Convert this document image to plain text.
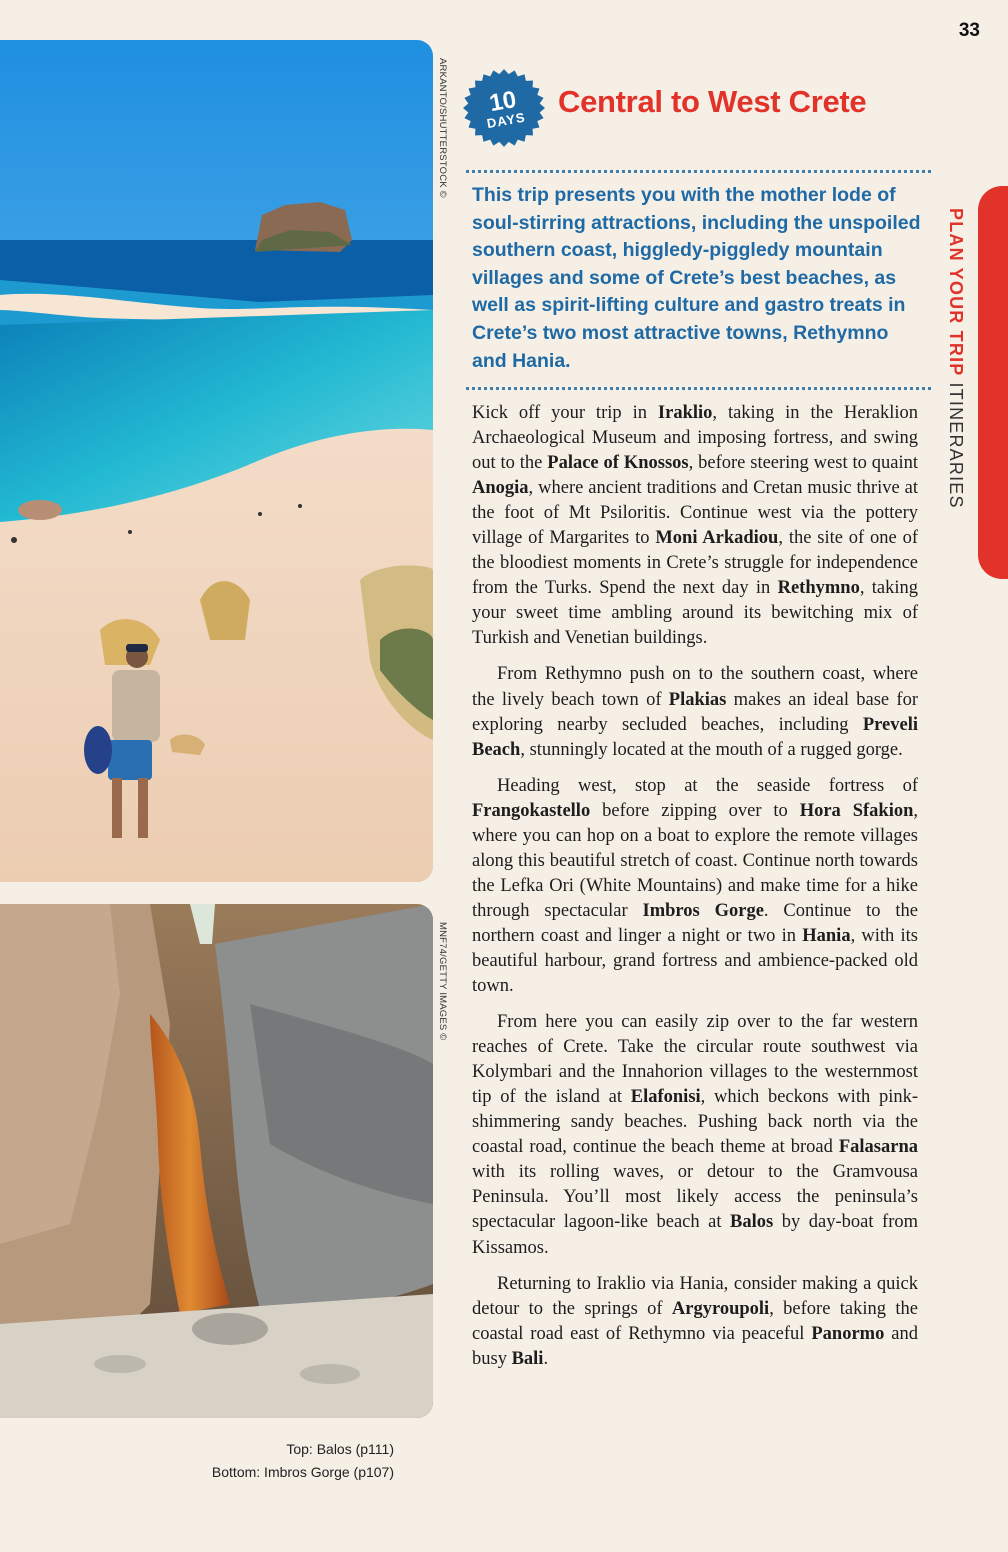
33
ARKANTO/SHUTTERSTOCK ©
MNF74/GETTY IMAGES ©
Top: Balos (p111)
Bottom: Imbros Gorge (p107)
10
DAYS
Central to West Crete

This trip presents you with the mother lode of soul-stirring attractions, including the unspoiled southern coast, higgledy-piggledy mountain villages and some of Crete’s best beaches, as well as spirit-lifting culture and gastro treats in Crete’s two most attractive towns, Rethymno and Hania.

Kick off your trip in Iraklio, taking in the Heraklion Archaeological Museum and imposing fortress, and swing out to the Palace of Knossos, before steering west to quaint Anogia, where ancient traditions and Cretan music thrive at the foot of Mt Psiloritis. Continue west via the pottery village of Margarites to Moni Arkadiou, the site of one of the bloodiest moments in Crete’s struggle for independence from the Turks. Spend the next day in Rethymno, taking your sweet time ambling around its bewitching mix of Turkish and Venetian buildings.

From Rethymno push on to the southern coast, where the lively beach town of Plakias makes an ideal base for exploring nearby secluded beaches, including Preveli Beach, stunningly located at the mouth of a rugged gorge.

Heading west, stop at the seaside fortress of Frangokastello before zipping over to Hora Sfakion, where you can hop on a boat to explore the remote villages along this beautiful stretch of coast. Continue north towards the Lefka Ori (White Mountains) and make time for a hike through spectacular Imbros Gorge. Continue to the northern coast and linger a night or two in Hania, with its beautiful harbour, grand fortress and ambience-packed old town.

From here you can easily zip over to the far western reaches of Crete. Take the circular route southwest via Kolymbari and the Innahorion villages to the westernmost tip of the island at Elafonisi, which beckons with pink-shimmering sandy beaches. Pushing back north via the coastal road, continue the beach theme at broad Falasarna with its rolling waves, or detour to the Gramvousa Peninsula. You’ll most likely access the peninsula’s spectacular lagoon-like beach at Balos by day-boat from Kissamos.

Returning to Iraklio via Hania, consider making a quick detour to the springs of Argyroupoli, before taking the coastal road east of Rethymno via peaceful Panormo and busy Bali.

PLAN YOUR TRIPITINERARIES
